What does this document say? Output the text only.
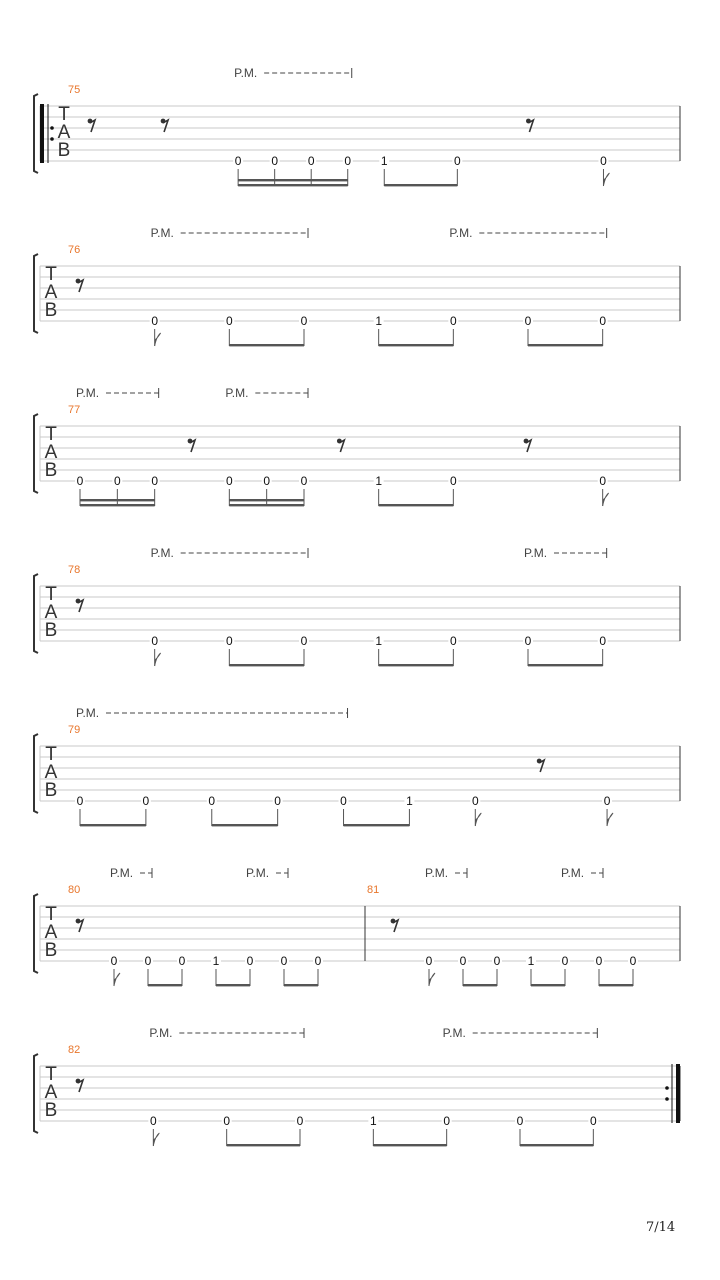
T
A
B
75
0 0 0 0 1	0	0
P.M.
T
A
B
76
0	0	0	1	0	0	0
P.M.	P.M.
T
A
B
77
0	0	0	0	0	0	1	0	0
P.M.	P.M.
T
A
B
78
0	0	0	1	0	0	0
P.M.	P.M.
T
A
B
79
0	0	0	0	0	1	0	0
P.M.
T
A
B
80
0 0 0 1 0 0 0
81
0 0 0 1 0 0 0
P.M.	P.M.	P.M.	P.M.
T
A
B
82
0	0	0	1	0	0	0
P.M.	P.M.
7/14
